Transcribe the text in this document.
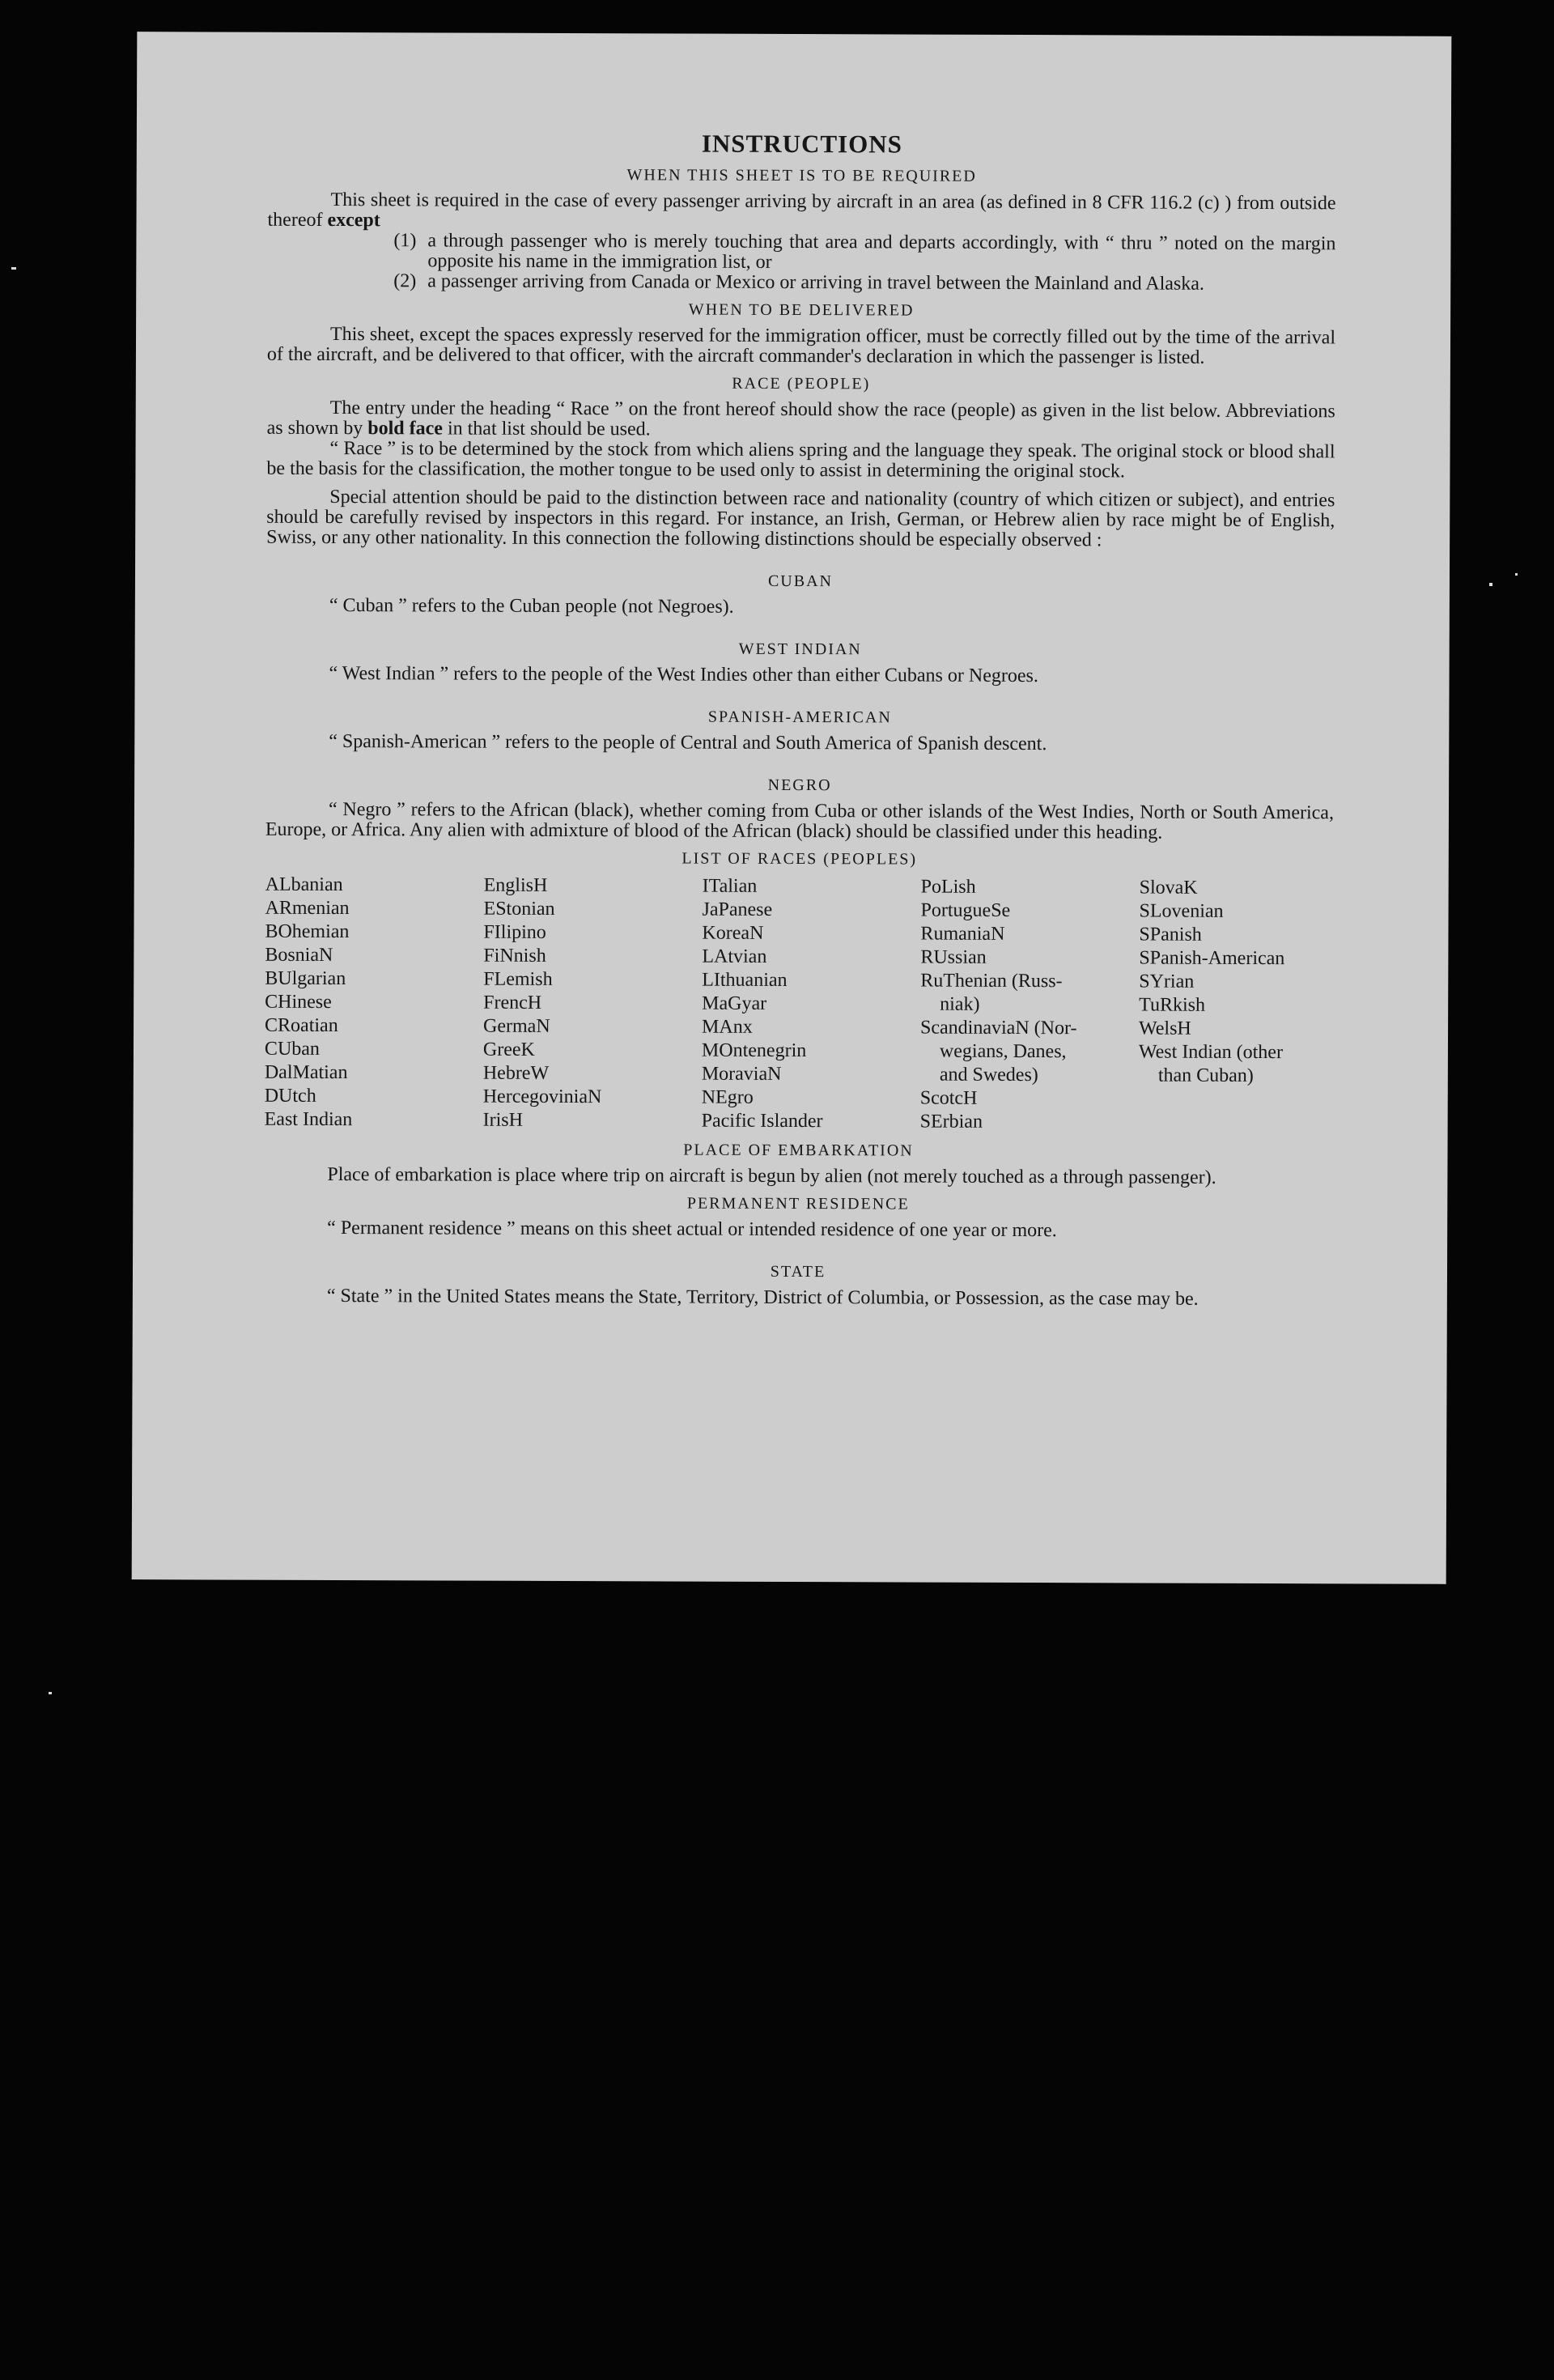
INSTRUCTIONS
WHEN THIS SHEET IS TO BE REQUIRED

This sheet is required in the case of every passenger arriving by aircraft in an area (as defined in 8 CFR 116.2 (c) ) from outside thereof except

(1) a through passenger who is merely touching that area and departs accordingly, with “ thru ” noted on the margin opposite his name in the immigration list, or
(2) a passenger arriving from Canada or Mexico or arriving in travel between the Mainland and Alaska.
WHEN TO BE DELIVERED

This sheet, except the spaces expressly reserved for the immigration officer, must be correctly filled out by the time of the arrival of the aircraft, and be delivered to that officer, with the aircraft commander's declaration in which the passenger is listed.

RACE (PEOPLE)

The entry under the heading “ Race ” on the front hereof should show the race (people) as given in the list below. Abbreviations as shown by bold face in that list should be used.

“ Race ” is to be determined by the stock from which aliens spring and the language they speak. The original stock or blood shall be the basis for the classification, the mother tongue to be used only to assist in determining the original stock.

Special attention should be paid to the distinction between race and nationality (country of which citizen or subject), and entries should be carefully revised by inspectors in this regard. For instance, an Irish, German, or Hebrew alien by race might be of English, Swiss, or any other nationality. In this connection the following distinctions should be especially observed :

CUBAN

“ Cuban ” refers to the Cuban people (not Negroes).

WEST INDIAN

“ West Indian ” refers to the people of the West Indies other than either Cubans or Negroes.

SPANISH-AMERICAN

“ Spanish-American ” refers to the people of Central and South America of Spanish descent.

NEGRO

“ Negro ” refers to the African (black), whether coming from Cuba or other islands of the West Indies, North or South America, Europe, or Africa. Any alien with admixture of blood of the African (black) should be classified under this heading.

LIST OF RACES (PEOPLES)
ALbanian
ARmenian
BOhemian
BosniaN
BUlgarian
CHinese
CRoatian
CUban
DalMatian
DUtch
East Indian
EnglisH
EStonian
FIlipino
FiNnish
FLemish
FrencH
GermaN
GreeK
HebreW
HercegoviniaN
IrisH
ITalian
JaPanese
KoreaN
LAtvian
LIthuanian
MaGyar
MAnx
MOntenegrin
MoraviaN
NEgro
Pacific Islander
PoLish
PortugueSe
RumaniaN
RUssian
RuThenian (Russ-
niak)
ScandinaviaN (Nor-
wegians, Danes,
and Swedes)
ScotcH
SErbian
SlovaK
SLovenian
SPanish
SPanish-American
SYrian
TuRkish
WelsH
West Indian (other
than Cuban)
PLACE OF EMBARKATION

Place of embarkation is place where trip on aircraft is begun by alien (not merely touched as a through passenger).

PERMANENT RESIDENCE

“ Permanent residence ” means on this sheet actual or intended residence of one year or more.

STATE

“ State ” in the United States means the State, Territory, District of Columbia, or Possession, as the case may be.
